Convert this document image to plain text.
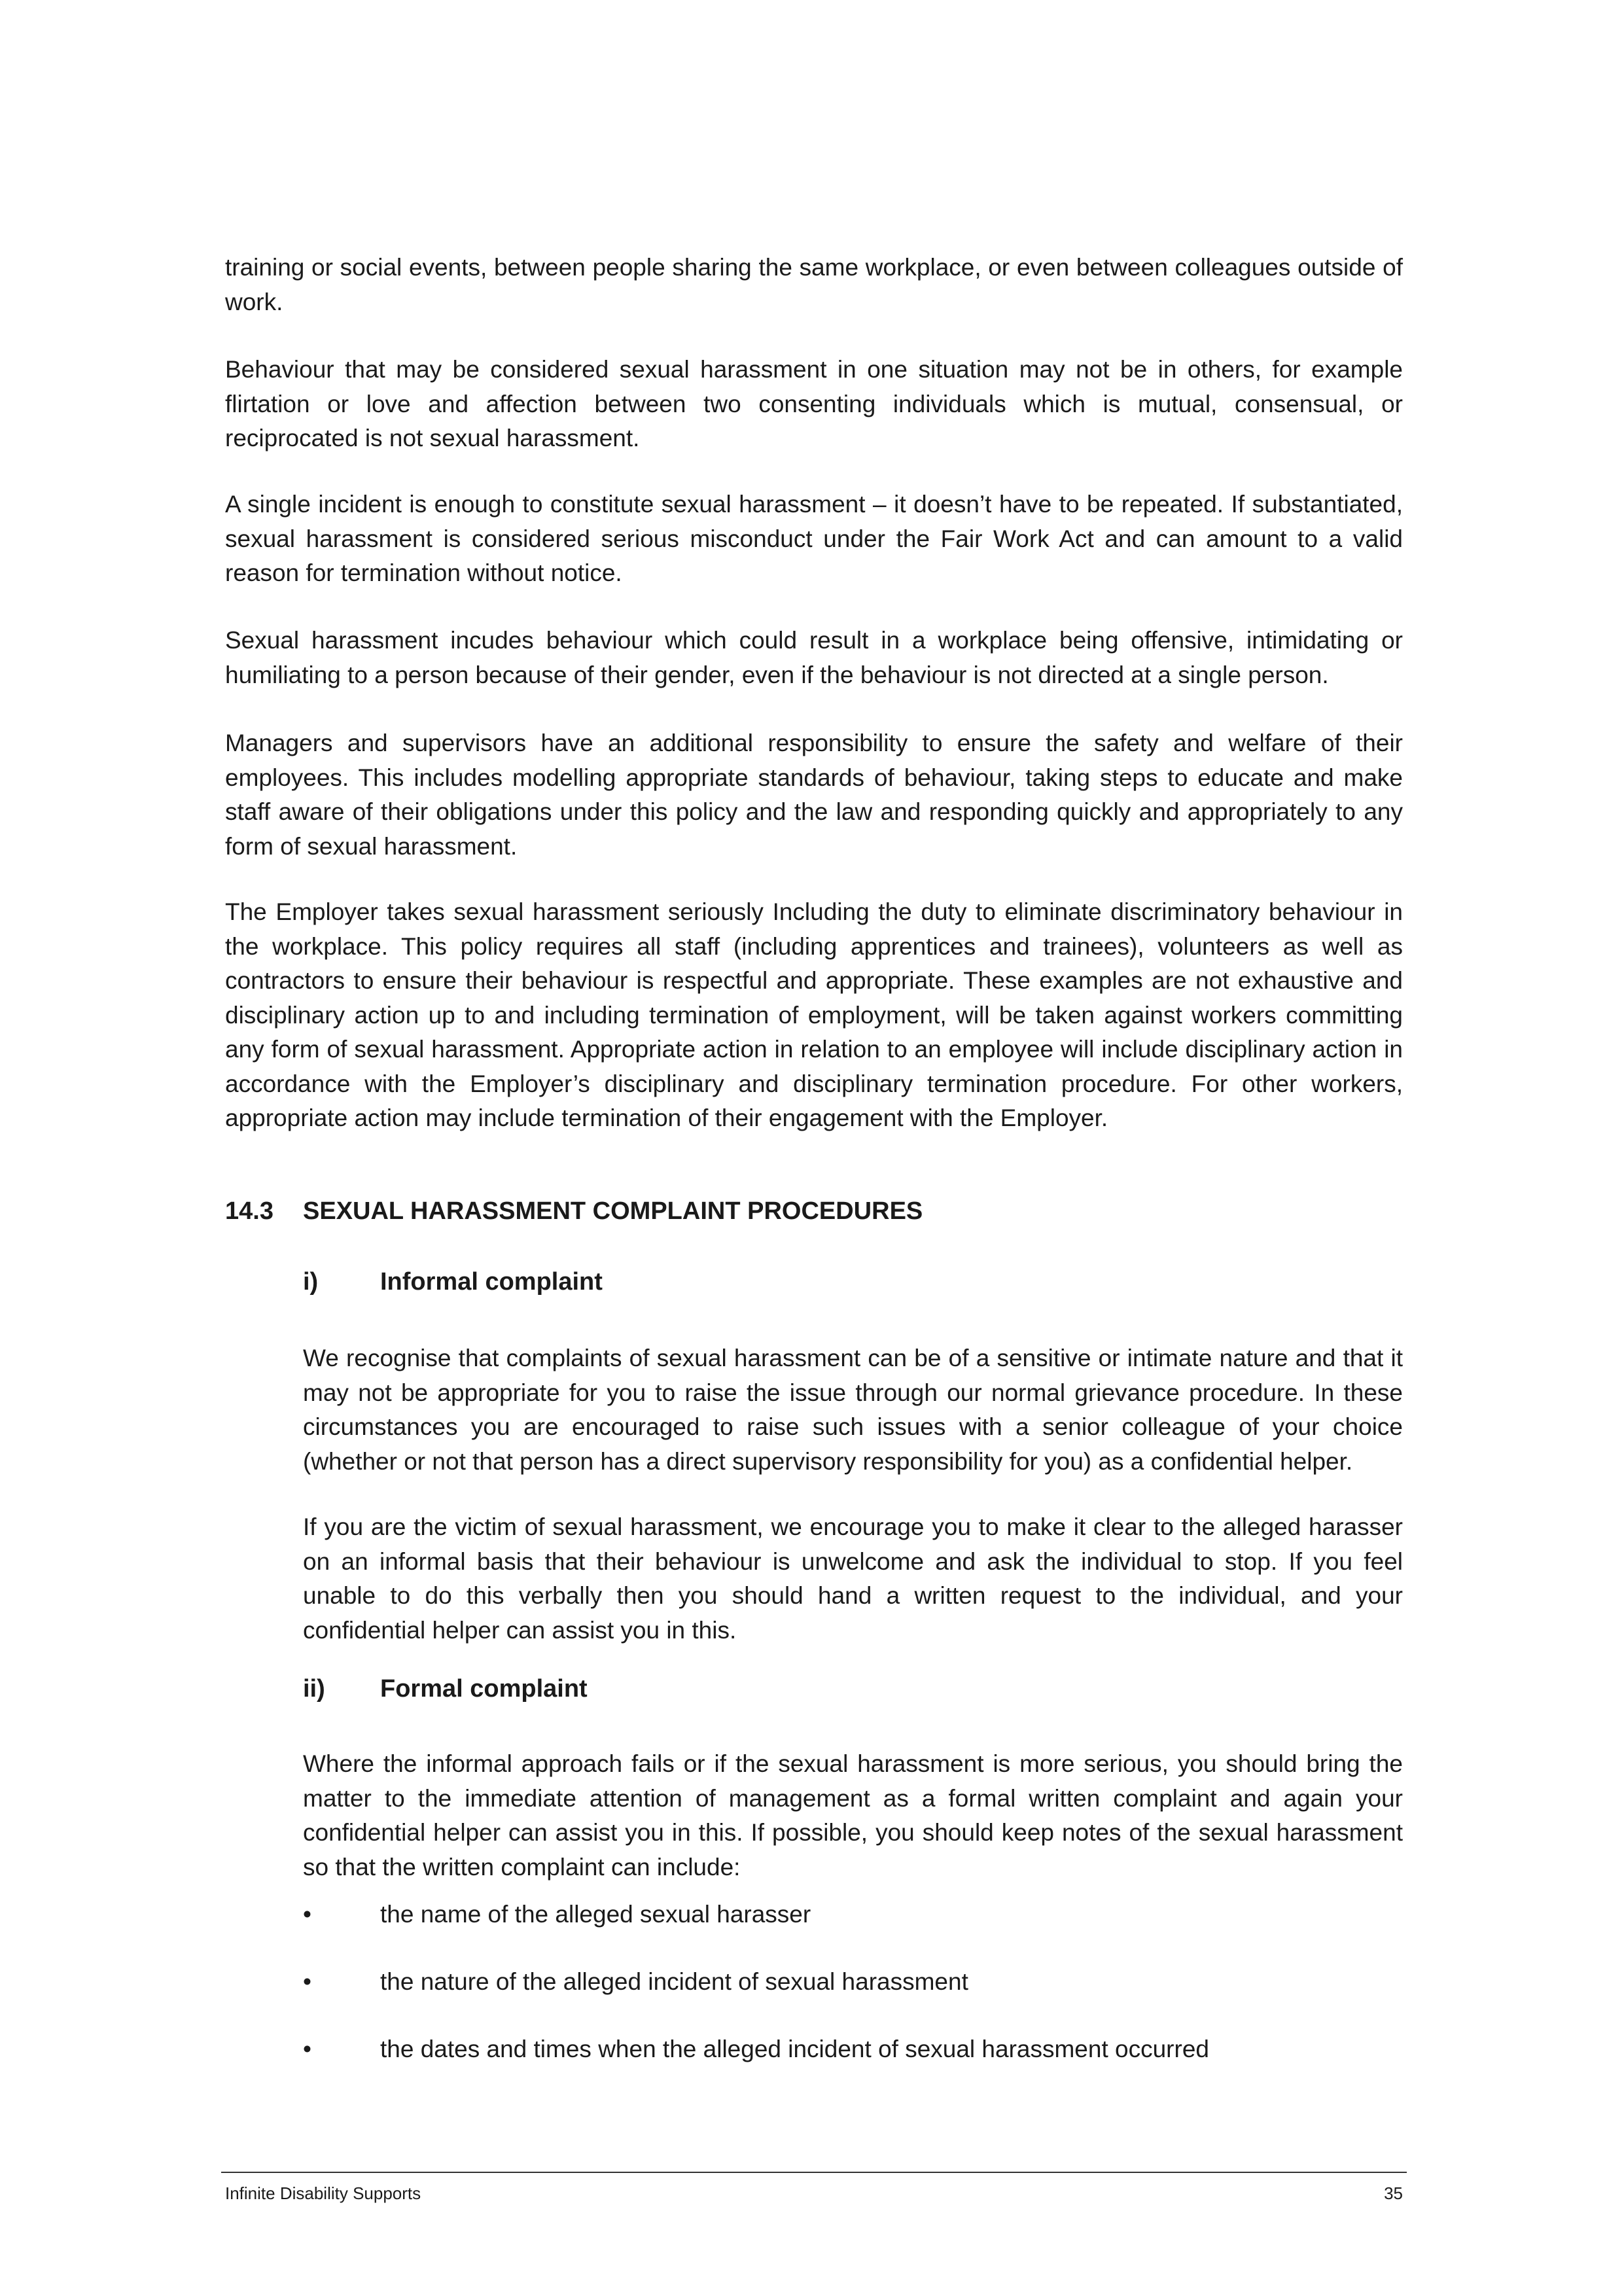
training or social events, between people sharing the same workplace, or even between colleagues outside of work.

Behaviour that may be considered sexual harassment in one situation may not be in others, for example flirtation or love and affection between two consenting individuals which is mutual, consensual, or reciprocated is not sexual harassment.

A single incident is enough to constitute sexual harassment – it doesn’t have to be repeated. If substantiated, sexual harassment is considered serious misconduct under the Fair Work Act and can amount to a valid reason for termination without notice.

Sexual harassment incudes behaviour which could result in a workplace being offensive, intimidating or humiliating to a person because of their gender, even if the behaviour is not directed at a single person.

Managers and supervisors have an additional responsibility to ensure the safety and welfare of their employees. This includes modelling appropriate standards of behaviour, taking steps to educate and make staff aware of their obligations under this policy and the law and responding quickly and appropriately to any form of sexual harassment.

The Employer takes sexual harassment seriously Including the duty to eliminate discriminatory behaviour in the workplace. This policy requires all staff (including apprentices and trainees), volunteers as well as contractors to ensure their behaviour is respectful and appropriate. These examples are not exhaustive and disciplinary action up to and including termination of employment, will be taken against workers committing any form of sexual harassment. Appropriate action in relation to an employee will include disciplinary action in accordance with the Employer’s disciplinary and disciplinary termination procedure. For other workers, appropriate action may include termination of their engagement with the Employer.

14.3 SEXUAL HARASSMENT COMPLAINT PROCEDURES
i) Informal complaint

We recognise that complaints of sexual harassment can be of a sensitive or intimate nature and that it may not be appropriate for you to raise the issue through our normal grievance procedure. In these circumstances you are encouraged to raise such issues with a senior colleague of your choice (whether or not that person has a direct supervisory responsibility for you) as a confidential helper.

If you are the victim of sexual harassment, we encourage you to make it clear to the alleged harasser on an informal basis that their behaviour is unwelcome and ask the individual to stop. If you feel unable to do this verbally then you should hand a written request to the individual, and your confidential helper can assist you in this.

ii) Formal complaint

Where the informal approach fails or if the sexual harassment is more serious, you should bring the matter to the immediate attention of management as a formal written complaint and again your confidential helper can assist you in this. If possible, you should keep notes of the sexual harassment so that the written complaint can include:

•	the name of the alleged sexual harasser
•	the nature of the alleged incident of sexual harassment
•	the dates and times when the alleged incident of sexual harassment occurred
Infinite Disability Supports	35
